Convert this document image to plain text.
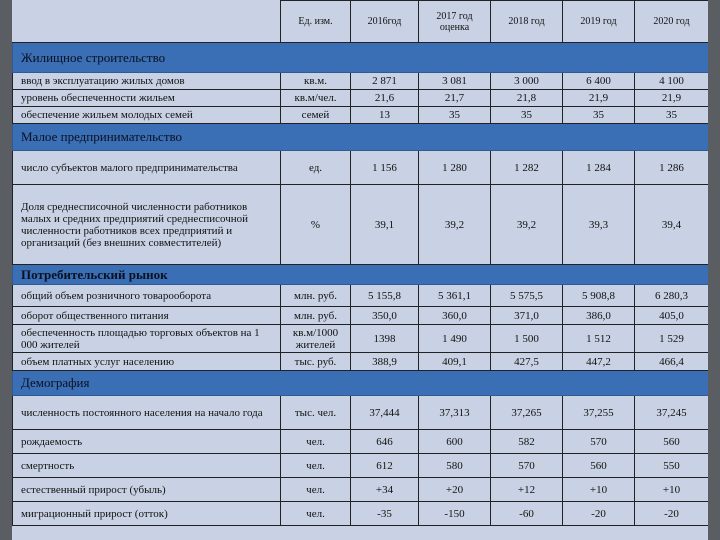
	Ед. изм.	2016год	2017 год оценка	2018 год	2019 год	2020 год
Жилищное строительство						
ввод в эксплуатацию жилых домов	кв.м.	2 871	3 081	3 000	6 400	4 100
уровень обеспеченности жильем	кв.м/чел.	21,6	21,7	21,8	21,9	21,9
обеспечение жильем молодых семей	семей	13	35	35	35	35
Малое предпринимательство						
число субъектов малого предпринимательства	ед.	1 156	1 280	1 282	1 284	1 286
Доля среднесписочной численности работников малых и средних предприятий среднесписочной численности работников всех предприятий и организаций (без внешних совместителей)	%	39,1	39,2	39,2	39,3	39,4
Потребительский рынок						
общий объем розничного товарооборота	млн. руб.	5 155,8	5 361,1	5 575,5	5 908,8	6 280,3
оборот общественного питания	млн. руб.	350,0	360,0	371,0	386,0	405,0
обеспеченность площадью торговых объектов на 1 000 жителей	кв.м/1000 жителей	1398	1 490	1 500	1 512	1 529
объем платных услуг населению	тыс. руб.	388,9	409,1	427,5	447,2	466,4
Демография						
численность постоянного населения на начало года	тыс. чел.	37,444	37,313	37,265	37,255	37,245
рождаемость	чел.	646	600	582	570	560
смертность	чел.	612	580	570	560	550
естественный прирост (убыль)	чел.	+34	+20	+12	+10	+10
миграционный прирост (отток)	чел.	-35	-150	-60	-20	-20
